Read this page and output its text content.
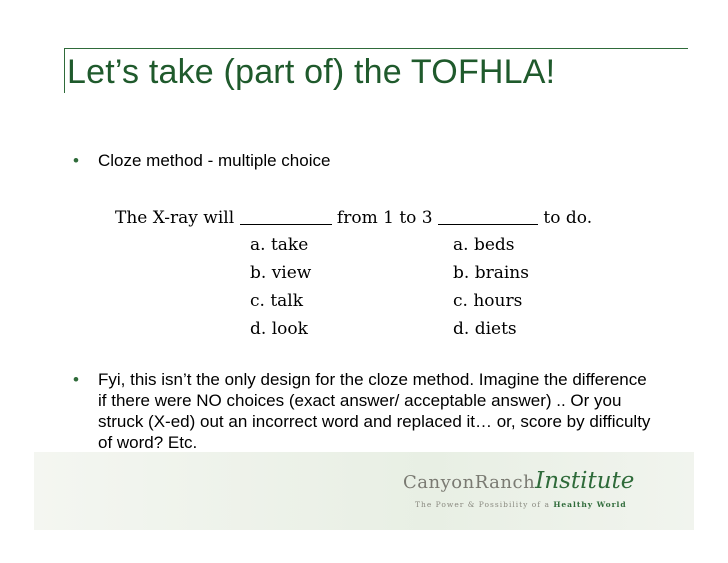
Let’s take (part of) the TOFHLA!
• Cloze method - multiple choice
The X-ray will	from 1 to 3	to do.
a. take
b. view
c. talk
d. look
a. beds
b. brains
c. hours
d. diets
• Fyi, this isn’t the only design for the cloze method. Imagine the difference if there were NO choices (exact answer/ acceptable answer) .. Or you struck (X-ed) out an incorrect word and replaced it… or, score by difficulty of word? Etc.
CanyonRanchInstitute
The Power & Possibility of a Healthy World
